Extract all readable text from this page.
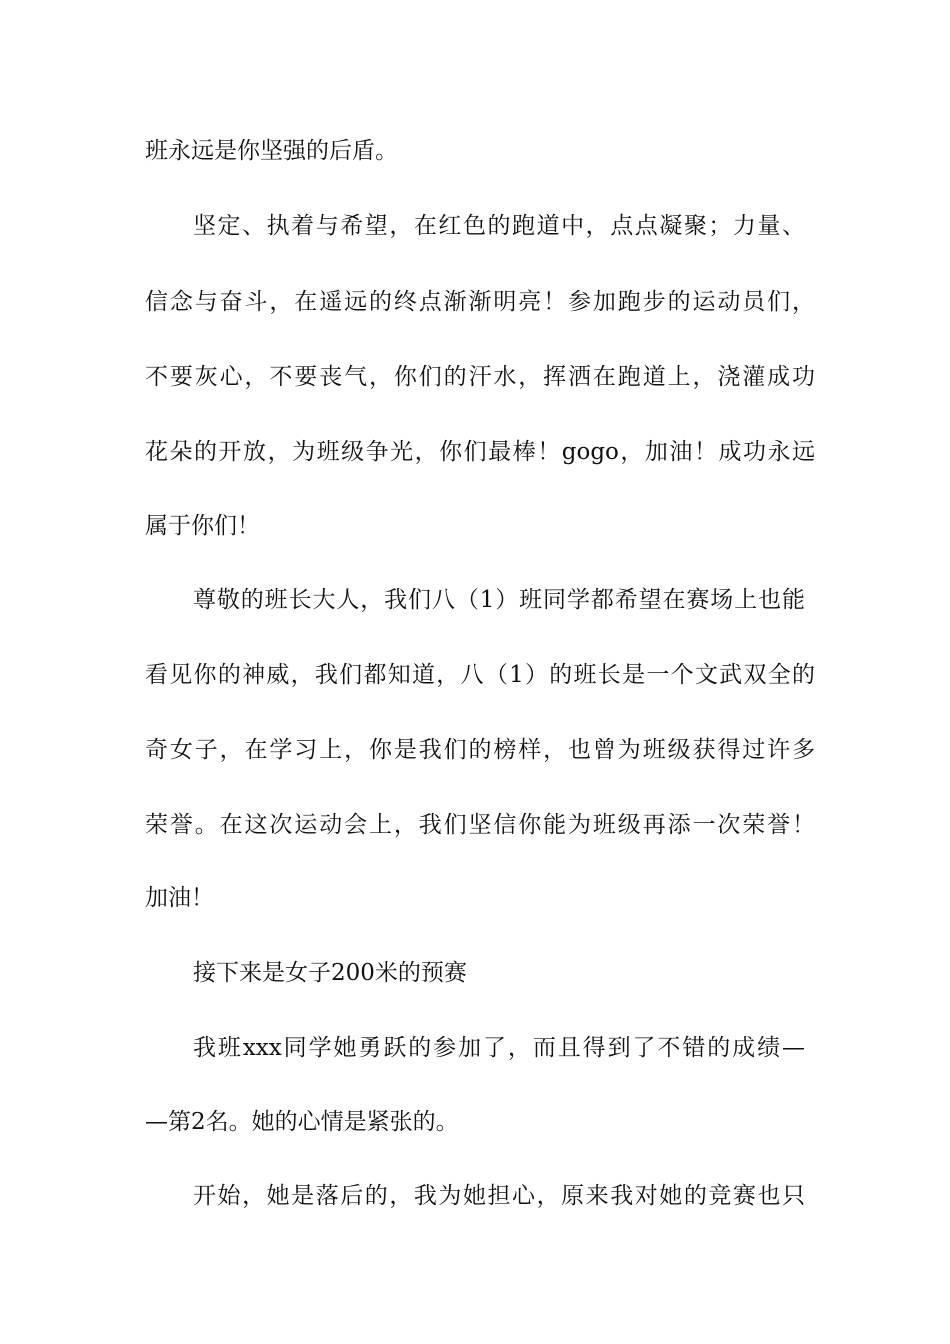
班永远是你坚强的后盾。
坚定、执着与希望，在红色的跑道中，点点凝聚；力量、
信念与奋斗，在遥远的终点渐渐明亮！参加跑步的运动员们，
不要灰心，不要丧气，你们的汗水，挥洒在跑道上，浇灌成功
花朵的开放，为班级争光，你们最棒！gogo，加油！成功永远
属于你们！
尊敬的班长大人，我们八（1）班同学都希望在赛场上也能
看见你的神威，我们都知道，八（1）的班长是一个文武双全的
奇女子，在学习上，你是我们的榜样，也曾为班级获得过许多
荣誉。在这次运动会上，我们坚信你能为班级再添一次荣誉！
加油！
接下来是女子200米的预赛
我班xxx同学她勇跃的参加了，而且得到了不错的成绩—
—第2名。她的心情是紧张的。
开始，她是落后的，我为她担心，原来我对她的竞赛也只
